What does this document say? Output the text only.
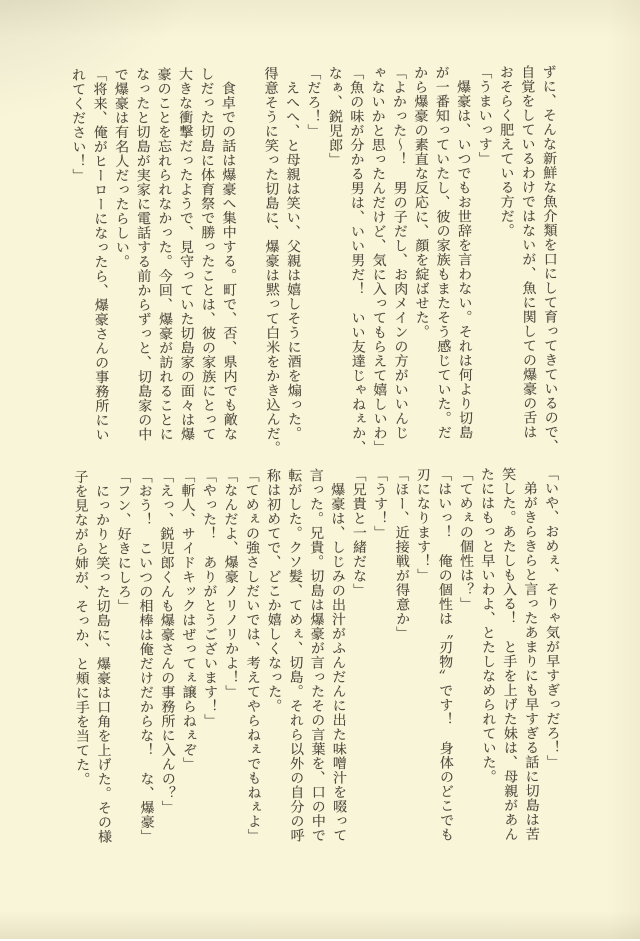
ずに、そんな新鮮な魚介類を口にして育ってきているので、
自覚をしているわけではないが、魚に関しての爆豪の舌は
おそらく肥えている方だ。
「うまいっす」
　爆豪は、いつでもお世辞を言わない。それは何より切島
が一番知っていたし、彼の家族もまたそう感じていた。だ
から爆豪の素直な反応に、顔を綻ばせた。
「よかった～！　男の子だし、お肉メインの方がいいんじ
ゃないかと思ったんだけど、気に入ってもらえて嬉しいわ」
「魚の味が分かる男は、いい男だ！　いい友達じゃねぇか、
なぁ、鋭児郎」
「だろ！」
　えへへ、と母親は笑い、父親は嬉しそうに酒を煽った。
得意そうに笑った切島に、爆豪は黙って白米をかき込んだ。
　食卓での話は爆豪へ集中する。町で、否、県内でも敵な
しだった切島に体育祭で勝ったことは、彼の家族にとって
大きな衝撃だったようで、見守っていた切島家の面々は爆
豪のことを忘れられなかった。今回、爆豪が訪れることに
なったと切島が実家に電話する前からずっと、切島家の中
で爆豪は有名人だったらしい。
「将来、俺がヒーローになったら、爆豪さんの事務所にい
れてください！」
「いや、おめぇ、そりゃ気が早すぎっだろ！」
　弟がきらきらと言ったあまりにも早すぎる話に切島は苦
笑した。あたしも入る！　と手を上げた妹は、母親があん
たにはもっと早いわよ、とたしなめられていた。
「てめぇの個性は？」
「はいっ！　俺の個性は〝刃物〟です！　身体のどこでも
刃になります！」
「ほー、近接戦が得意か」
「うす！」
「兄貴と一緒だな」
　爆豪は、しじみの出汁がふんだんに出た味噌汁を啜って
言った。兄貴。切島は爆豪が言ったその言葉を、口の中で
転がした。クソ髪、てめぇ、切島。それら以外の自分の呼
称は初めてで、どこか嬉しくなった。
「てめぇの強さしだいでは、考えてやらねぇでもねぇよ」
「なんだよ、爆豪ノリノリかよ！」
「やった！　ありがとうございます！」
「斬人、サイドキックはぜってぇ譲らねぇぞ」
「えっ、鋭児郎くんも爆豪さんの事務所に入んの？」
「おう！　こいつの相棒は俺だけだからな！　な、爆豪」
「フン、好きにしろ」
　にっかりと笑った切島に、爆豪は口角を上げた。その様
子を見ながら姉が、そっか、と頬に手を当てた。
